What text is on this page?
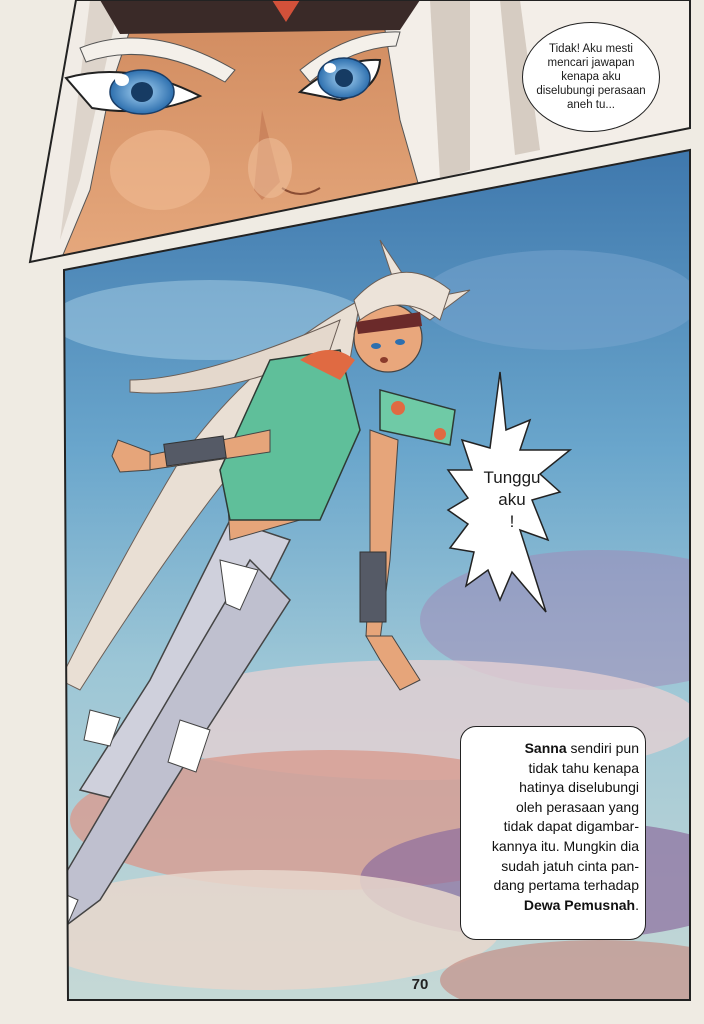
Tidak! Aku mesti
mencari jawapan
kenapa aku
diselubungi perasaan
aneh tu...
Tunggu
aku
!
Sanna sendiri pun
tidak tahu kenapa
hatinya diselubungi
oleh perasaan yang
tidak dapat digambar-
kannya itu. Mungkin dia
sudah jatuh cinta pan-
dang pertama terhadap
Dewa Pemusnah.
70
